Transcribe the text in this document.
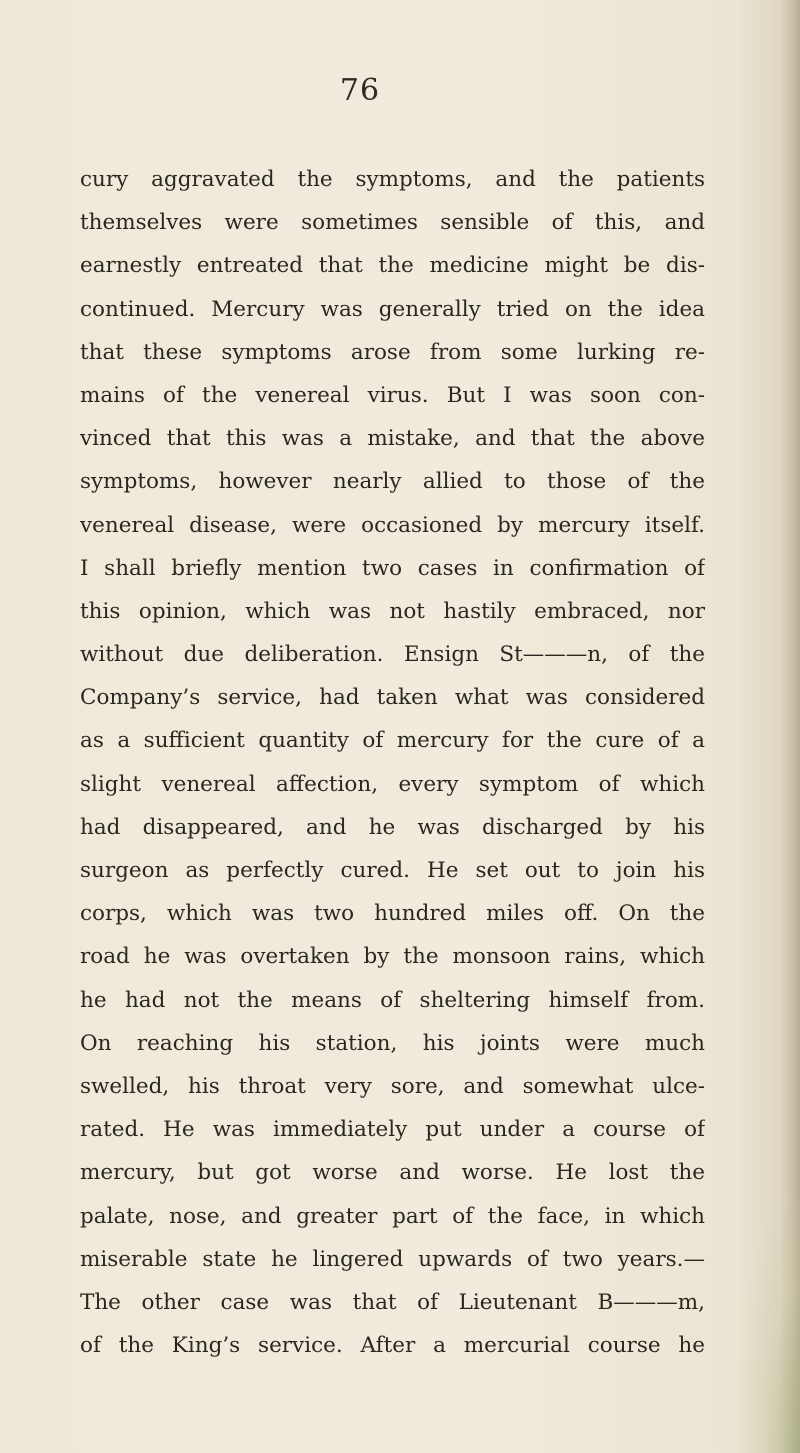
76
cury aggravated the symptoms, and the patients
themselves were sometimes sensible of this, and
earnestly entreated that the medicine might be dis-
continued. Mercury was generally tried on the idea
that these symptoms arose from some lurking re-
mains of the venereal virus. But I was soon con-
vinced that this was a mistake, and that the above
symptoms, however nearly allied to those of the
venereal disease, were occasioned by mercury itself.
I shall briefly mention two cases in confirmation of
this opinion, which was not hastily embraced, nor
without due deliberation. Ensign St———n, of the
Company’s service, had taken what was considered
as a sufficient quantity of mercury for the cure of a
slight venereal affection, every symptom of which
had disappeared, and he was discharged by his
surgeon as perfectly cured. He set out to join his
corps, which was two hundred miles off. On the
road he was overtaken by the monsoon rains, which
he had not the means of sheltering himself from.
On reaching his station, his joints were much
swelled, his throat very sore, and somewhat ulce-
rated. He was immediately put under a course of
mercury, but got worse and worse. He lost the
palate, nose, and greater part of the face, in which
miserable state he lingered upwards of two years.—
The other case was that of Lieutenant B———m,
of the King’s service. After a mercurial course he
